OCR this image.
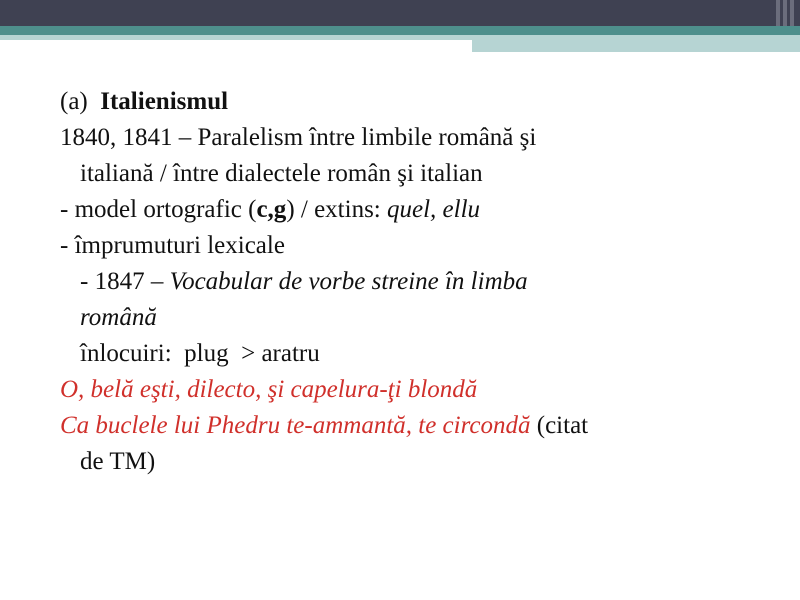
(a) Italienismul
1840, 1841 – Paralelism între limbile română şi
italiană / între dialectele român şi italian
- model ortografic (c,g) / extins: quel, ellu
- împrumuturi lexicale
- 1847 – Vocabular de vorbe streine în limba
română
înlocuiri: plug > aratru
O, belă eşti, dilecto, şi capelura-ţi blondă
Ca buclele lui Phedru te-ammantă, te circondă (citat
de TM)
